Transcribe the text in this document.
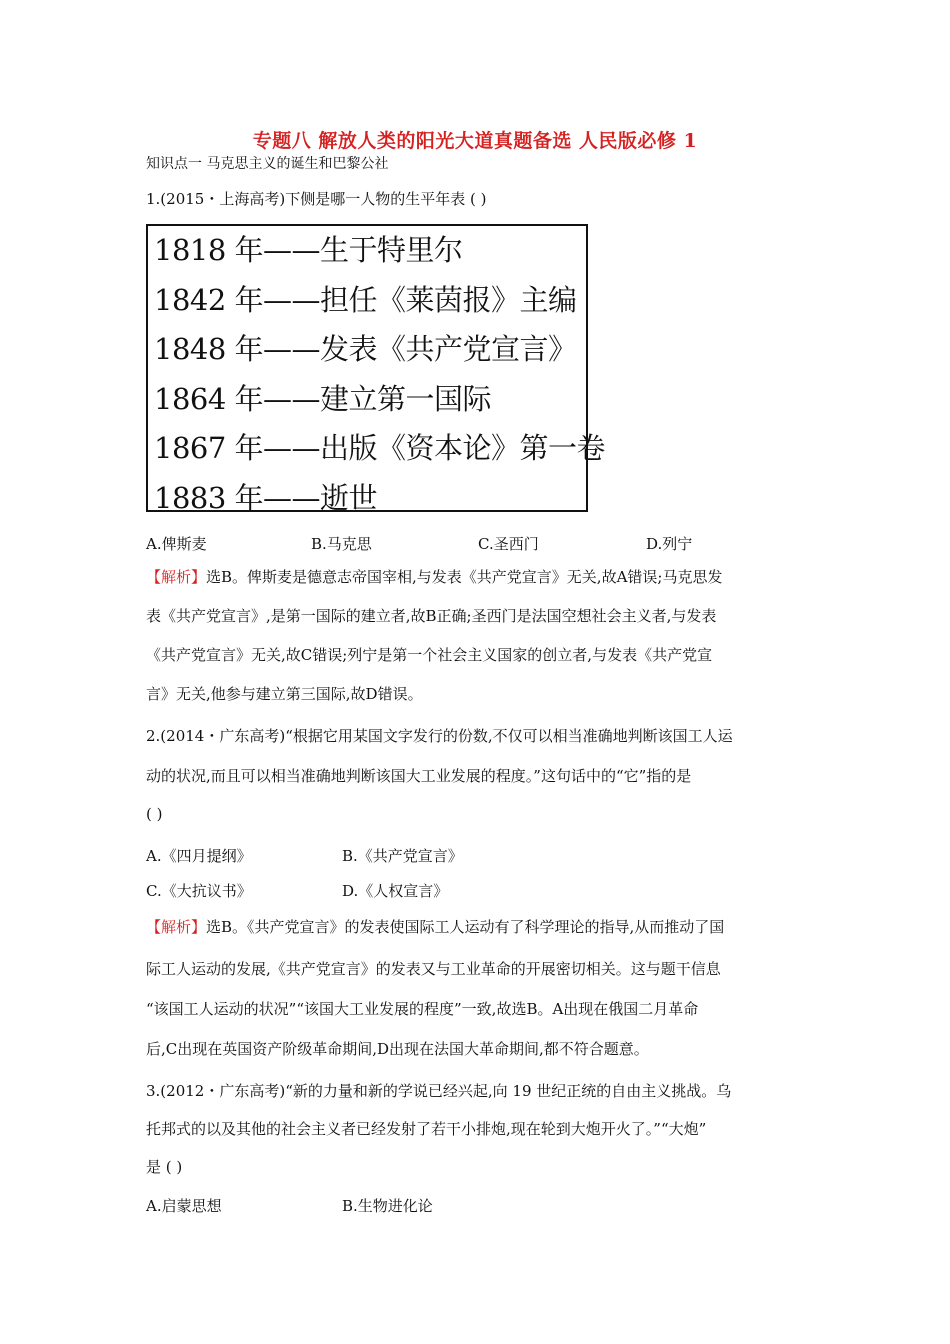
专题八 解放人类的阳光大道真题备选 人民版必修 1
知识点一 马克思主义的诞生和巴黎公社
1.(2015・上海高考)下侧是哪一人物的生平年表 ( )
1818 年——生于特里尔
1842 年——担任《莱茵报》主编
1848 年——发表《共产党宣言》
1864 年——建立第一国际
1867 年——出版《资本论》第一卷
1883 年——逝世
A.俾斯麦	B.马克思	C.圣西门	D.列宁
【解析】选B。俾斯麦是德意志帝国宰相,与发表《共产党宣言》无关,故A错误;马克思发
表《共产党宣言》,是第一国际的建立者,故B正确;圣西门是法国空想社会主义者,与发表
《共产党宣言》无关,故C错误;列宁是第一个社会主义国家的创立者,与发表《共产党宣
言》无关,他参与建立第三国际,故D错误。
2.(2014・广东高考)“根据它用某国文字发行的份数,不仅可以相当准确地判断该国工人运
动的状况,而且可以相当准确地判断该国大工业发展的程度。”这句话中的“它”指的是
( )
A.《四月提纲》	B.《共产党宣言》
C.《大抗议书》	D.《人权宣言》
【解析】选B。《共产党宣言》的发表使国际工人运动有了科学理论的指导,从而推动了国
际工人运动的发展,《共产党宣言》的发表又与工业革命的开展密切相关。这与题干信息
“该国工人运动的状况”“该国大工业发展的程度”一致,故选B。A出现在俄国二月革命
后,C出现在英国资产阶级革命期间,D出现在法国大革命期间,都不符合题意。
3.(2012・广东高考)“新的力量和新的学说已经兴起,向 19 世纪正统的自由主义挑战。乌
托邦式的以及其他的社会主义者已经发射了若干小排炮,现在轮到大炮开火了。”“大炮”
是 ( )
A.启蒙思想	B.生物进化论
